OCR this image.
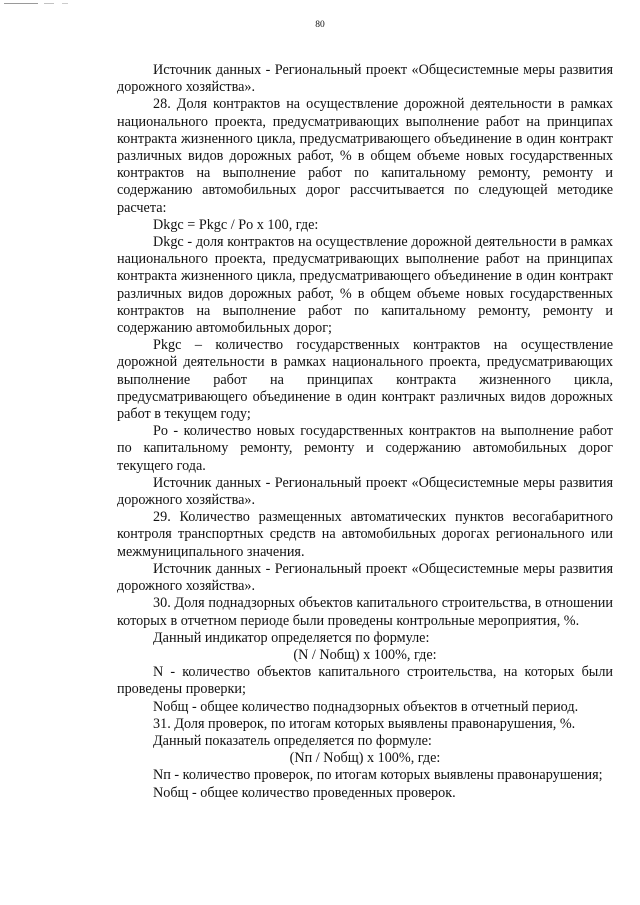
80

Источник данных - Региональный проект «Общесистемные меры развития дорожного хозяйства».

28. Доля контрактов на осуществление дорожной деятельности в рамках национального проекта, предусматривающих выполнение работ на принципах контракта жизненного цикла, предусматривающего объединение в один контракт различных видов дорожных работ, % в общем объеме новых государственных контрактов на выполнение работ по капитальному ремонту, ремонту и содержанию автомобильных дорог рассчитывается по следующей методике расчета:

Dkgc = Pkgc / Po x 100, где:

Dkgc - доля контрактов на осуществление дорожной деятельности в рамках национального проекта, предусматривающих выполнение работ на принципах контракта жизненного цикла, предусматривающего объединение в один контракт различных видов дорожных работ, % в общем объеме новых государственных контрактов на выполнение работ по капитальному ремонту, ремонту и содержанию автомобильных дорог;

Pkgc – количество государственных контрактов на осуществление дорожной деятельности в рамках национального проекта, предусматривающих выполнение работ на принципах контракта жизненного цикла, предусматривающего объединение в один контракт различных видов дорожных работ в текущем году;

Po - количество новых государственных контрактов на выполнение работ по капитальному ремонту, ремонту и содержанию автомобильных дорог текущего года.

Источник данных - Региональный проект «Общесистемные меры развития дорожного хозяйства».

29. Количество размещенных автоматических пунктов весогабаритного контроля транспортных средств на автомобильных дорогах регионального или межмуниципального значения.

Источник данных - Региональный проект «Общесистемные меры развития дорожного хозяйства».

30. Доля поднадзорных объектов капитального строительства, в отношении которых в отчетном периоде были проведены контрольные мероприятия, %.

Данный индикатор определяется по формуле:

(N / Nобщ) x 100%, где:

N - количество объектов капитального строительства, на которых были проведены проверки;

Nобщ - общее количество поднадзорных объектов в отчетный период.

31. Доля проверок, по итогам которых выявлены правонарушения, %.

Данный показатель определяется по формуле:

(Nп / Nобщ) x 100%, где:

Nп - количество проверок, по итогам которых выявлены правонарушения;

Nобщ - общее количество проведенных проверок.
